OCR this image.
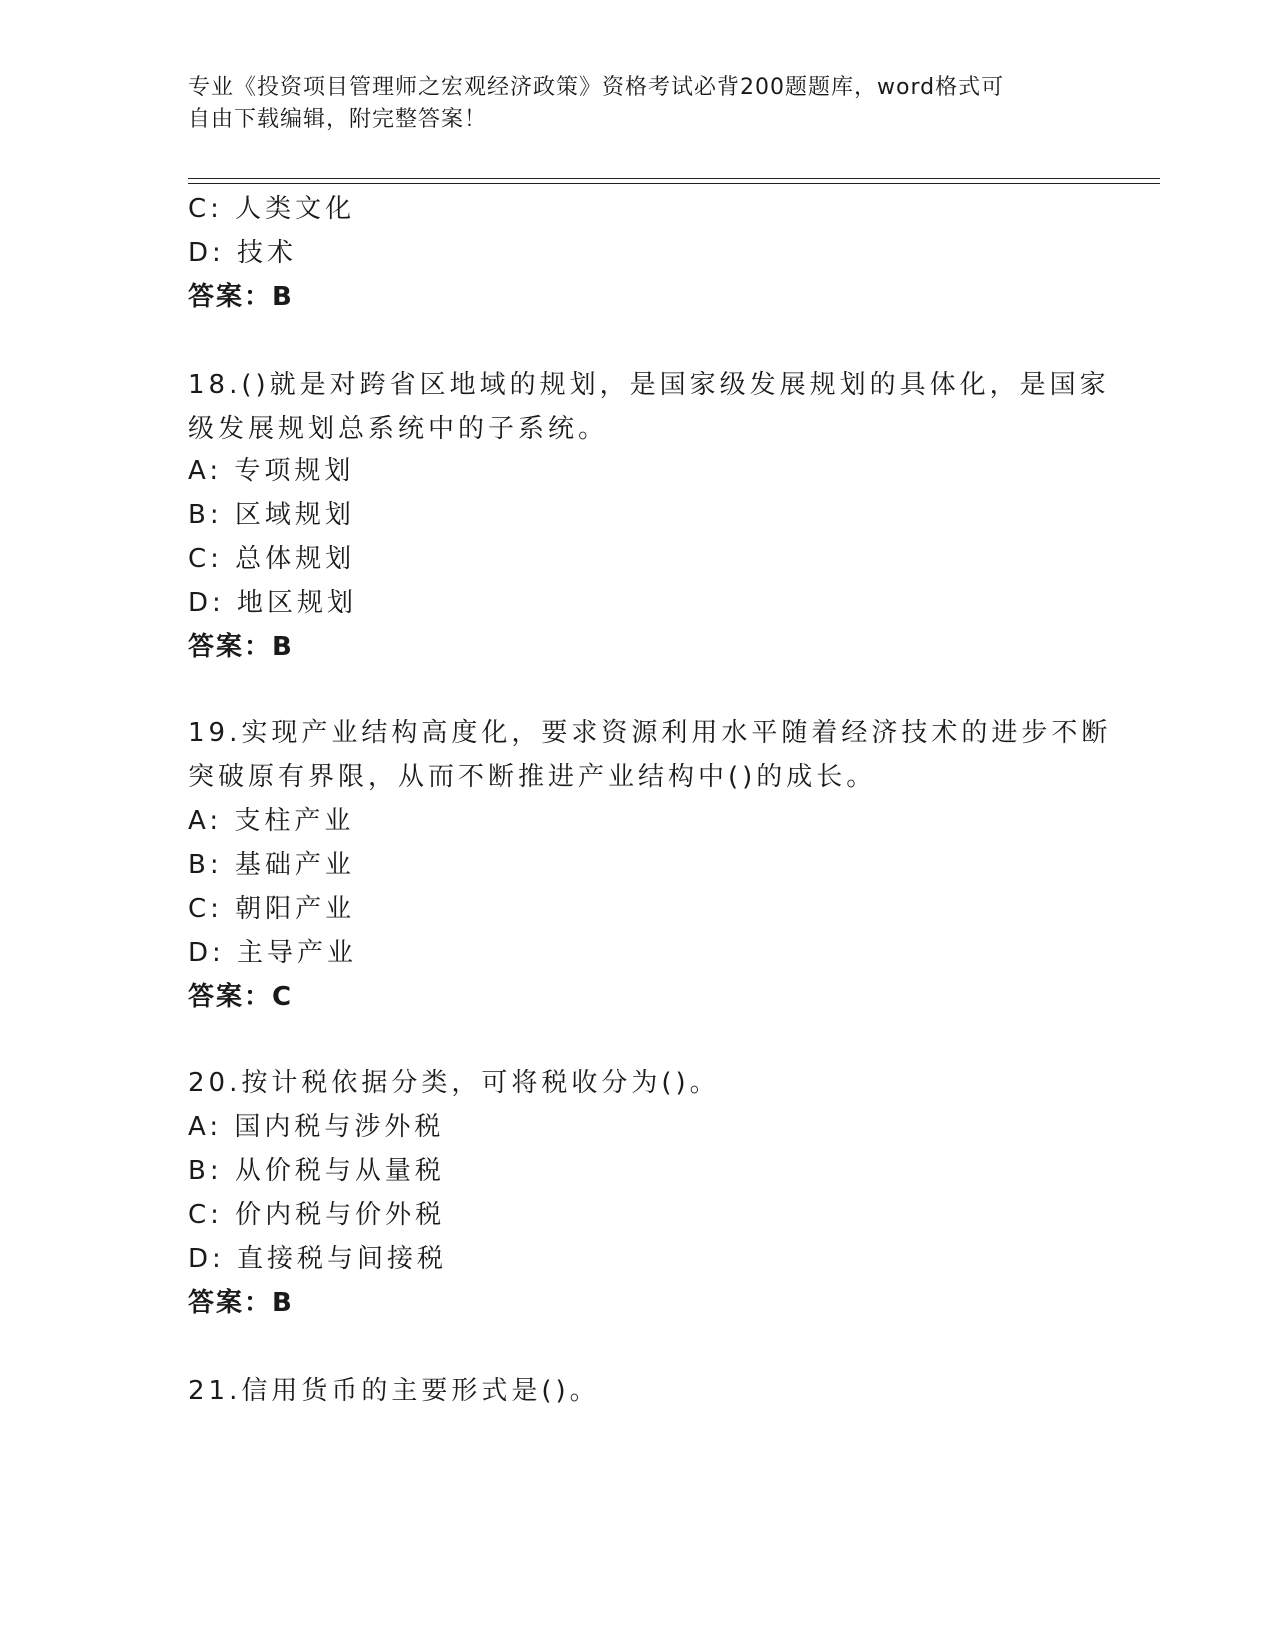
专业《投资项目管理师之宏观经济政策》资格考试必背200题题库，word格式可
自由下载编辑，附完整答案！
C: 人类文化
D: 技术
答案：B
18.()就是对跨省区地域的规划，是国家级发展规划的具体化，是国家
级发展规划总系统中的子系统。
A: 专项规划
B: 区域规划
C: 总体规划
D: 地区规划
答案：B
19.实现产业结构高度化，要求资源利用水平随着经济技术的进步不断
突破原有界限，从而不断推进产业结构中()的成长。
A: 支柱产业
B: 基础产业
C: 朝阳产业
D: 主导产业
答案：C
20.按计税依据分类，可将税收分为()。
A: 国内税与涉外税
B: 从价税与从量税
C: 价内税与价外税
D: 直接税与间接税
答案：B
21.信用货币的主要形式是()。
